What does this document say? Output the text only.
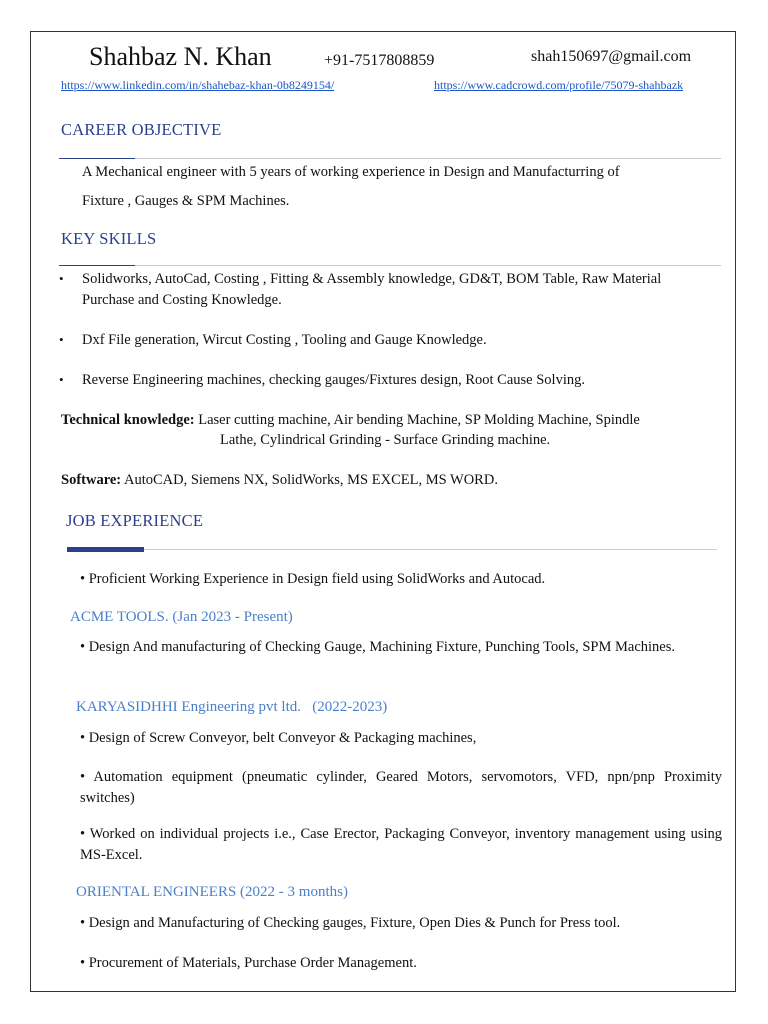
Shahbaz N. Khan	+91-7517808859	shah150697@gmail.com
https://www.linkedin.com/in/shahebaz-khan-0b8249154/	https://www.cadcrowd.com/profile/75079-shahbazk
CAREER OBJECTIVE
A Mechanical engineer with 5 years of working experience in Design and Manufacturring of
Fixture , Gauges & SPM Machines.
KEY SKILLS
• Solidworks, AutoCad, Costing , Fitting & Assembly knowledge, GD&T, BOM Table, Raw Material Purchase and Costing Knowledge.
• Dxf File generation, Wircut Costing , Tooling and Gauge Knowledge.
• Reverse Engineering machines, checking gauges/Fixtures design, Root Cause Solving.
Technical knowledge: Laser cutting machine, Air bending Machine, SP Molding Machine, Spindle
Lathe, Cylindrical Grinding - Surface Grinding machine.
Software: AutoCAD, Siemens NX, SolidWorks, MS EXCEL, MS WORD.
JOB EXPERIENCE
• Proficient Working Experience in Design field using SolidWorks and Autocad.
ACME TOOLS. (Jan 2023 - Present)
• Design And manufacturing of Checking Gauge, Machining Fixture, Punching Tools, SPM Machines.
KARYASIDHHI Engineering pvt ltd.   (2022-2023)
• Design of Screw Conveyor, belt Conveyor & Packaging machines,
• Automation equipment (pneumatic cylinder, Geared Motors, servomotors, VFD, npn/pnp Proximity switches)
• Worked on individual projects i.e., Case Erector, Packaging Conveyor, inventory management using using MS-Excel.
ORIENTAL ENGINEERS (2022 - 3 months)
• Design and Manufacturing of Checking gauges, Fixture, Open Dies & Punch for Press tool.
• Procurement of Materials, Purchase Order Management.
